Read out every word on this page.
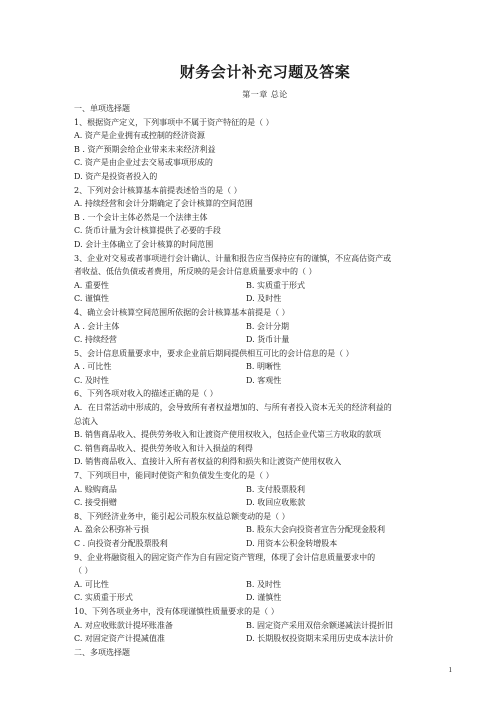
财务会计补充习题及答案
第一章 总论
一、单项选择题
1、根据资产定义，下列事项中不属于资产特征的是（ ）
A. 资产是企业拥有或控制的经济资源
B . 资产预期会给企业带来未来经济利益
C. 资产是由企业过去交易或事项形成的
D. 资产是投资者投入的
2、下列对会计核算基本前提表述恰当的是（ ）
A. 持续经营和会计分期确定了会计核算的空间范围
B . 一个会计主体必然是一个法律主体
C. 货币计量为会计核算提供了必要的手段
D. 会计主体确立了会计核算的时间范围
3、企业对交易或者事项进行会计确认、计量和报告应当保持应有的谨慎，不应高估资产或
者收益、低估负债或者费用，所反映的是会计信息质量要求中的（ ）
A. 重要性	B. 实质重于形式
C. 谨慎性	D. 及时性
4、确立会计核算空间范围所依据的会计核算基本前提是（ ）
A . 会计主体	B. 会计分期
C. 持续经营	D. 货币计量
5、会计信息质量要求中，要求企业前后期间提供相互可比的会计信息的是（ ）
A . 可比性	B. 明晰性
C. 及时性	D. 客观性
6、下列各项对收入的描述正确的是（ ）
A．在日常活动中形成的，会导致所有者权益增加的、与所有者投入资本无关的经济利益的
总流入
B. 销售商品收入、提供劳务收入和让渡资产使用权收入，包括企业代第三方收取的款项
C. 销售商品收入、提供劳务收入和计入损益的利得
D. 销售商品收入、直接计入所有者权益的利得和损失和让渡资产使用权收入
7、下列项目中，能同时使资产和负债发生变化的是（ ）
A. 赊购商品	B. 支付股票股利
C. 接受捐赠	D. 收回应收账款
8、下列经济业务中，能引起公司股东权益总额变动的是（ ）
A. 盈余公积弥补亏损	B. 股东大会向投资者宣告分配现金股利
C . 向投资者分配股票股利	D. 用资本公积金转增股本
9、企业将融资租入的固定资产作为自有固定资产管理，体现了会计信息质量要求中的
（ ）
A. 可比性	B. 及时性
C. 实质重于形式	D. 谨慎性
10、下列各项业务中，没有体现谨慎性质量要求的是（ ）
A. 对应收账款计提坏账准备	B. 固定资产采用双倍余额递减法计提折旧
C. 对固定资产计提减值准	D. 长期股权投资期末采用历史成本法计价
二、多项选择题
1
